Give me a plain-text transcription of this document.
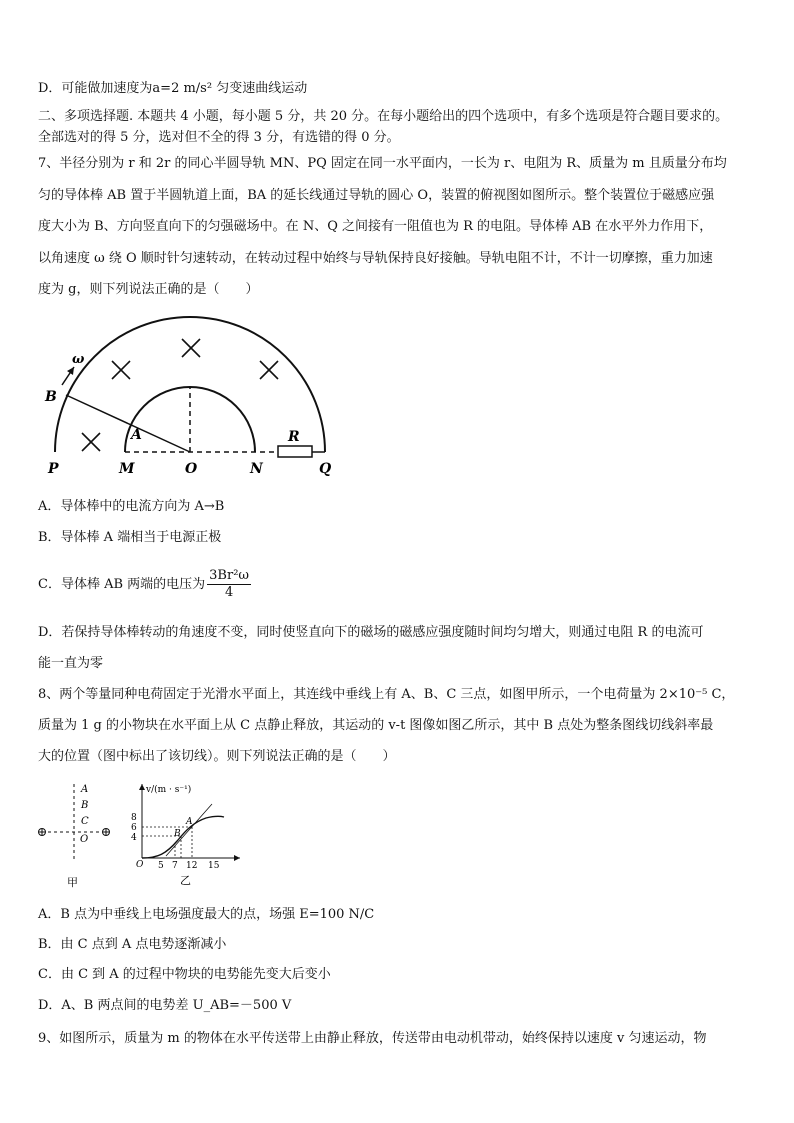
D．可能做加速度为a=2 m/s² 匀变速曲线运动
二、多项选择题. 本题共 4 小题，每小题 5 分，共 20 分。在每小题给出的四个选项中，有多个选项是符合题目要求的。
全部选对的得 5 分，选对但不全的得 3 分，有选错的得 0 分。
7、半径分别为 r 和 2r 的同心半圆导轨 MN、PQ 固定在同一水平面内，一长为 r、电阻为 R、质量为 m 且质量分布均
匀的导体棒 AB 置于半圆轨道上面，BA 的延长线通过导轨的圆心 O，装置的俯视图如图所示。整个装置位于磁感应强
度大小为 B、方向竖直向下的匀强磁场中。在 N、Q 之间接有一阻值也为 R 的电阻。导体棒 AB 在水平外力作用下，
以角速度 ω 绕 O 顺时针匀速转动，在转动过程中始终与导轨保持良好接触。导轨电阻不计，不计一切摩擦，重力加速
度为 g，则下列说法正确的是（　　）
ω
B
A	R
P	M	O	N	Q
A．导体棒中的电流方向为 A→B
B．导体棒 A 端相当于电源正极
C．导体棒 AB 两端的电压为 $\frac{\text{3Br²ω}}{4}$
D．若保持导体棒转动的角速度不变，同时使竖直向下的磁场的磁感应强度随时间均匀增大，则通过电阻 R 的电流可
能一直为零
8、两个等量同种电荷固定于光滑水平面上，其连线中垂线上有 A、B、C 三点，如图甲所示，一个电荷量为 2×10⁻⁵ C，
质量为 1 g 的小物块在水平面上从 C 点静止释放，其运动的 v-t 图像如图乙所示，其中 B 点处为整条图线切线斜率最
大的位置（图中标出了该切线）。则下列说法正确的是（　　）
A
B
C
O
甲
v/(m · s⁻¹)
8
6
4
O 5 7 12 15
A
B
乙
A．B 点为中垂线上电场强度最大的点，场强 E=100 N/C
B．由 C 点到 A 点电势逐渐减小
C．由 C 到 A 的过程中物块的电势能先变大后变小
D．A、B 两点间的电势差 U_AB=－500 V
9、如图所示，质量为 m 的物体在水平传送带上由静止释放，传送带由电动机带动，始终保持以速度 v 匀速运动，物
